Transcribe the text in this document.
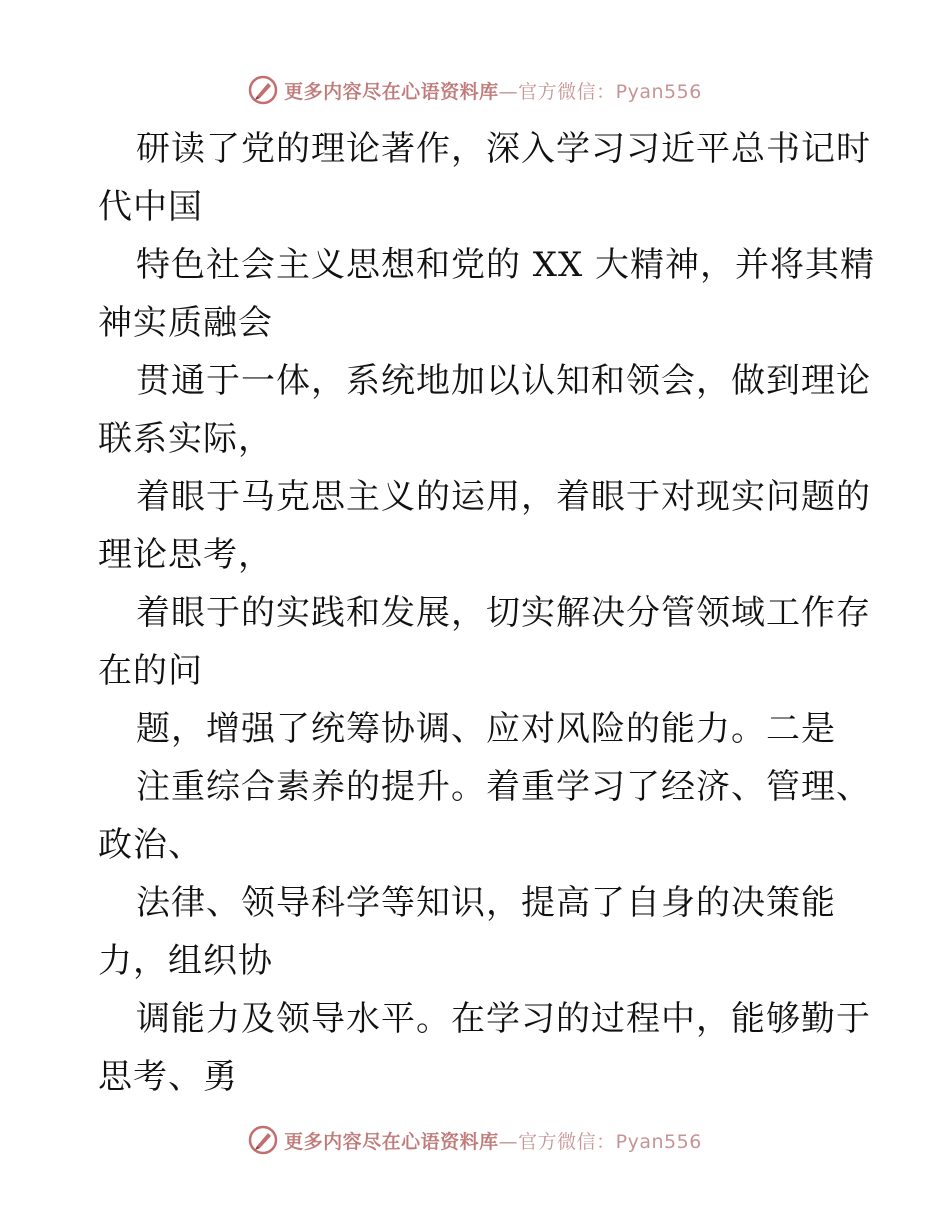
更多内容尽在心语资料库 —官方微信：Pyan556
研读了党的理论著作，深入学习习近平总书记时
代中国
特色社会主义思想和党的 XX 大精神，并将其精
神实质融会
贯通于一体，系统地加以认知和领会，做到理论
联系实际，
着眼于马克思主义的运用，着眼于对现实问题的
理论思考，
着眼于的实践和发展，切实解决分管领域工作存
在的问
题，增强了统筹协调、应对风险的能力。二是
注重综合素养的提升。着重学习了经济、管理、
政治、
法律、领导科学等知识，提高了自身的决策能
力，组织协
调能力及领导水平。在学习的过程中，能够勤于
思考、勇
更多内容尽在心语资料库 —官方微信：Pyan556
